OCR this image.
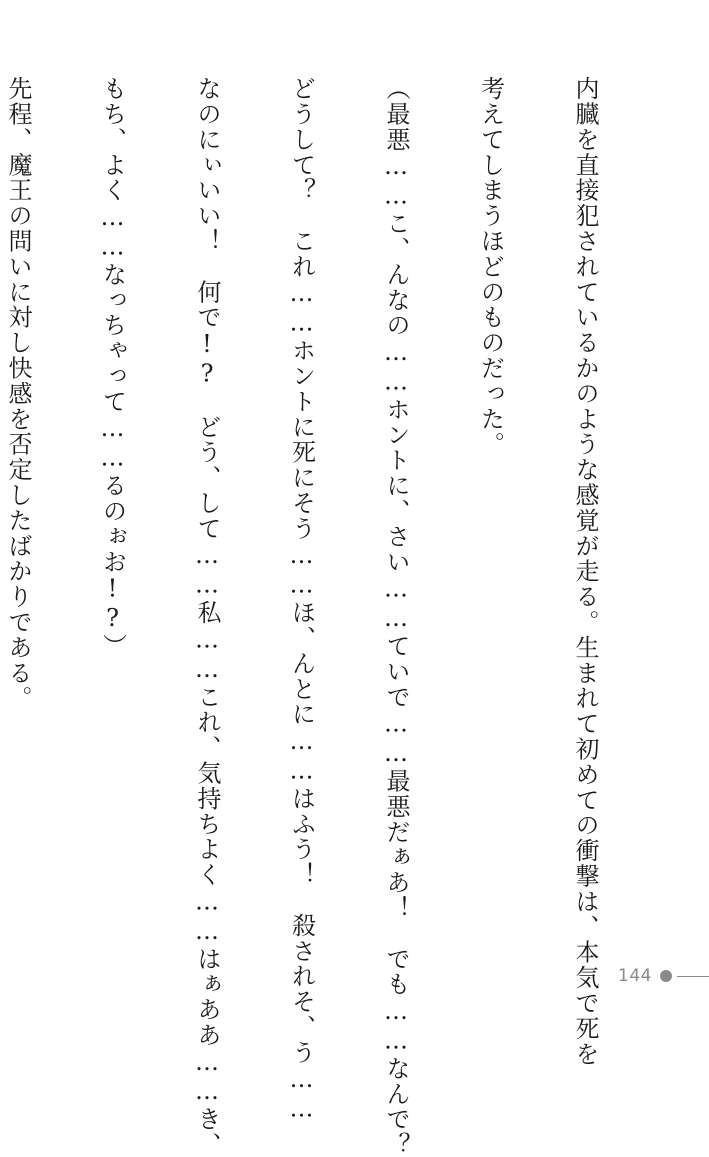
内臓を直接犯されているかのような感覚が走る。生まれて初めての衝撃は、本気で死を

考えてしまうほどのものだった。

（最悪……こ、んなの……ホントに、さい……ていで……最悪だぁあ！　でも……なんで？

どうして？　これ……ホントに死にそう……ほ、んとに……はふう！　殺されそ、う……

なのにぃいい！　何で!?　どう、して……私……これ、気持ちよく……はぁああ……き、

もち、よく……なっちゃって……るのぉお!?）

先程、魔王の問いに対し快感を否定したばかりである。

144
